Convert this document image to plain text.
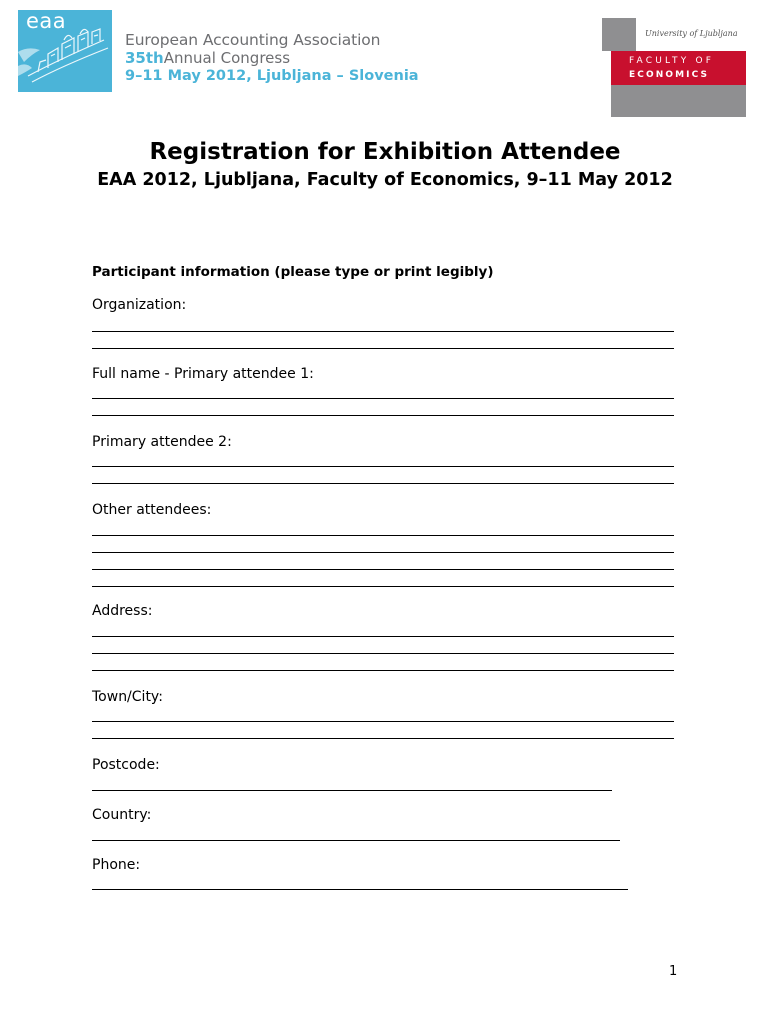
eaa
European Accounting Association
35thAnnual Congress
9–11 May 2012, Ljubljana – Slovenia
University of Ljubljana
FACULTY OF
ECONOMICS
Registration for Exhibition Attendee
EAA 2012, Ljubljana, Faculty of Economics, 9–11 May 2012
Participant information (please type or print legibly)
Organization:
Full name - Primary attendee 1:
Primary attendee 2:
Other attendees:
Address:
Town/City:
Postcode:
Country:
Phone:
1
